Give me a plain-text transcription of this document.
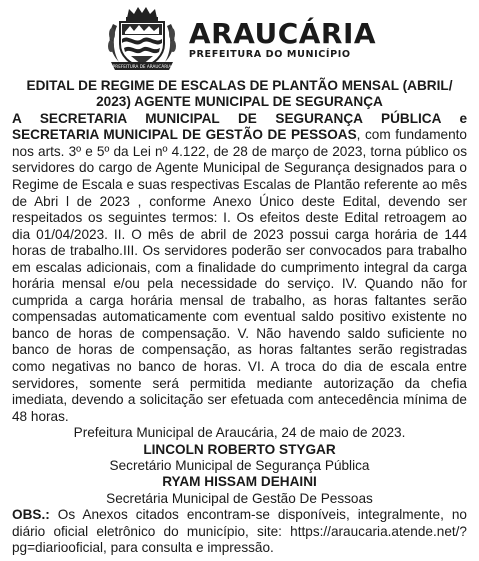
PREFEITURA DE ARAUCÁRIA
ARAUCÁRIA
PREFEITURA DO MUNICÍPIO

EDITAL DE REGIME DE ESCALAS DE PLANTÃO MENSAL (ABRIL/
2023) AGENTE MUNICIPAL DE SEGURANÇA

A SECRETARIA MUNICIPAL DE SEGURANÇA PÚBLICA e SECRETARIA MUNICIPAL DE GESTÃO DE PESSOAS, com fundamento nos arts. 3º e 5º da Lei nº 4.122, de 28 de março de 2023, torna público os servidores do cargo de Agente Municipal de Segurança designados para o Regime de Escala e suas respectivas Escalas de Plantão referente ao mês de Abri l de 2023 , conforme Anexo Único deste Edital, devendo ser respeitados os seguintes termos: I. Os efeitos deste Edital retroagem ao dia 01/04/2023. II. O mês de abril de 2023 possui carga horária de 144 horas de trabalho.III. Os servidores poderão ser convocados para trabalho em escalas adicionais, com a finalidade do cumprimento integral da carga horária mensal e/ou pela necessidade do serviço. IV. Quando não for cumprida a carga horária mensal de trabalho, as horas faltantes serão compensadas automaticamente com eventual saldo positivo existente no banco de horas de compensação. V. Não havendo saldo suficiente no banco de horas de compensação, as horas faltantes serão registradas como negativas no banco de horas. VI. A troca do dia de escala entre servidores, somente será permitida mediante autorização da chefia imediata, devendo a solicitação ser efetuada com antecedência mínima de 48 horas.

Prefeitura Municipal de Araucária, 24 de maio de 2023.

LINCOLN ROBERTO STYGAR

Secretário Municipal de Segurança Pública

RYAM HISSAM DEHAINI

Secretária Municipal de Gestão De Pessoas

OBS.: Os Anexos citados encontram-se disponíveis, integralmente, no diário oficial eletrônico do município, site: https://araucaria.atende.net/?pg=diariooficial, para consulta e impressão.
